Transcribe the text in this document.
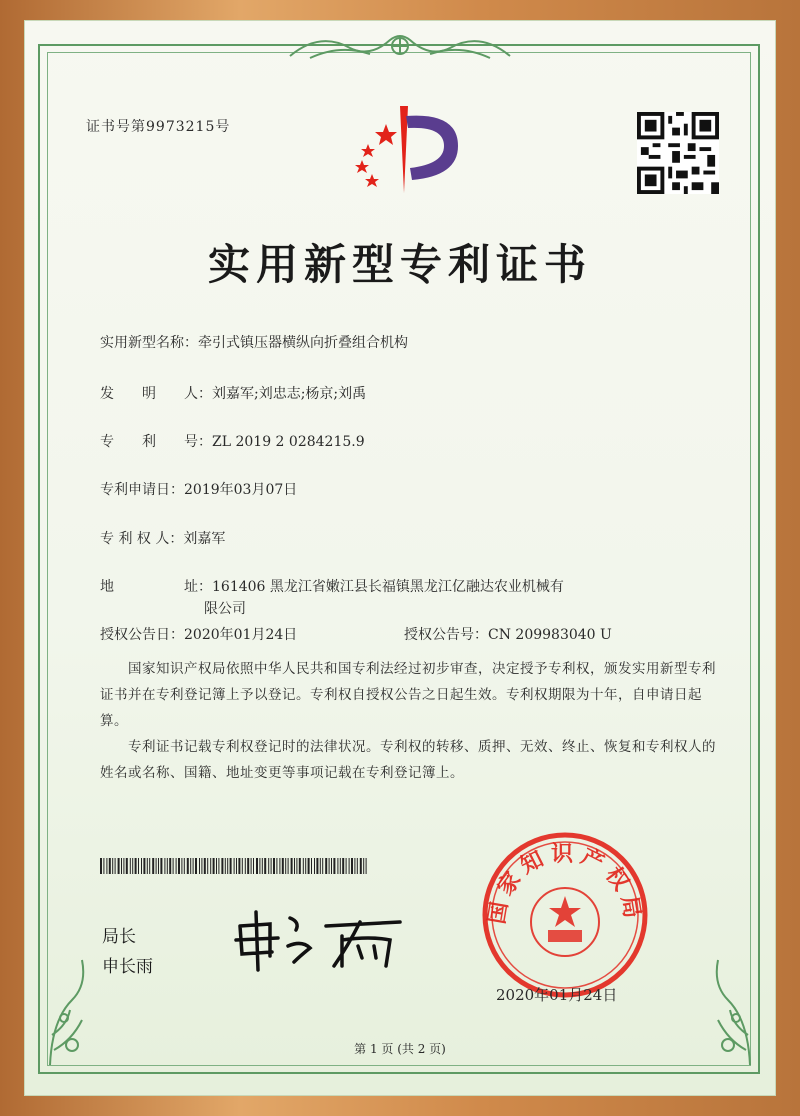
证书号第9973215号
实用新型专利证书
实用新型名称：牵引式镇压器横纵向折叠组合机构
发　　明　　人：刘嘉军;刘忠志;杨京;刘禹
专　　利　　号：ZL 2019 2 0284215.9
专利申请日：2019年03月07日
专 利 权 人：刘嘉军
地　　　　　址：161406 黑龙江省嫩江县长福镇黑龙江亿融达农业机械有
限公司
授权公告日：2020年01月24日	授权公告号：CN 209983040 U
国家知识产权局依照中华人民共和国专利法经过初步审查，决定授予专利权，颁发实用新型专利证书并在专利登记簿上予以登记。专利权自授权公告之日起生效。专利权期限为十年，自申请日起算。
专利证书记载专利权登记时的法律状况。专利权的转移、质押、无效、终止、恢复和专利权人的姓名或名称、国籍、地址变更等事项记载在专利登记簿上。
局长
申长雨
国家知识产权局
2020年01月24日
第 1 页 (共 2 页)
